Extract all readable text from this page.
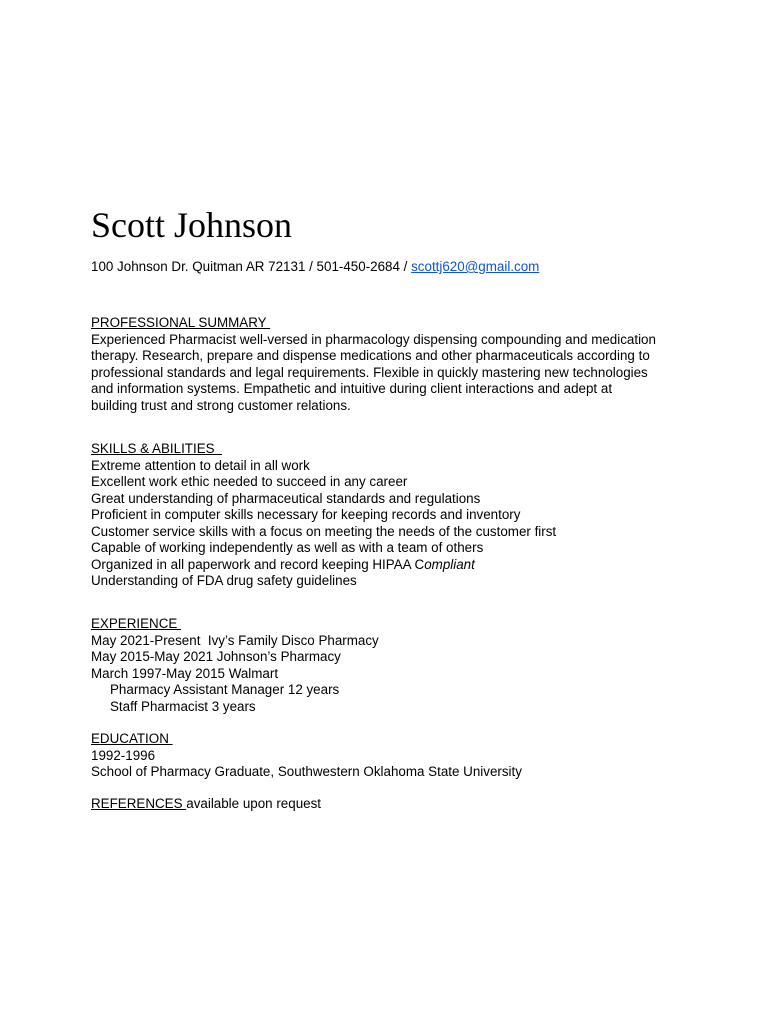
Scott Johnson
100 Johnson Dr. Quitman AR 72131 / 501-450-2684 / scottj620@gmail.com
PROFESSIONAL SUMMARY
Experienced Pharmacist well-versed in pharmacology dispensing compounding and medication
therapy. Research, prepare and dispense medications and other pharmaceuticals according to
professional standards and legal requirements. Flexible in quickly mastering new technologies
and information systems. Empathetic and intuitive during client interactions and adept at
building trust and strong customer relations.
SKILLS & ABILITIES
Extreme attention to detail in all work
Excellent work ethic needed to succeed in any career
Great understanding of pharmaceutical standards and regulations
Proficient in computer skills necessary for keeping records and inventory
Customer service skills with a focus on meeting the needs of the customer first
Capable of working independently as well as with a team of others
Organized in all paperwork and record keeping HIPAA Compliant
Understanding of FDA drug safety guidelines
EXPERIENCE
May 2021-Present  Ivy’s Family Disco Pharmacy
May 2015-May 2021 Johnson’s Pharmacy
March 1997-May 2015 Walmart
Pharmacy Assistant Manager 12 years
Staff Pharmacist 3 years
EDUCATION
1992-1996
School of Pharmacy Graduate, Southwestern Oklahoma State University
REFERENCES available upon request
